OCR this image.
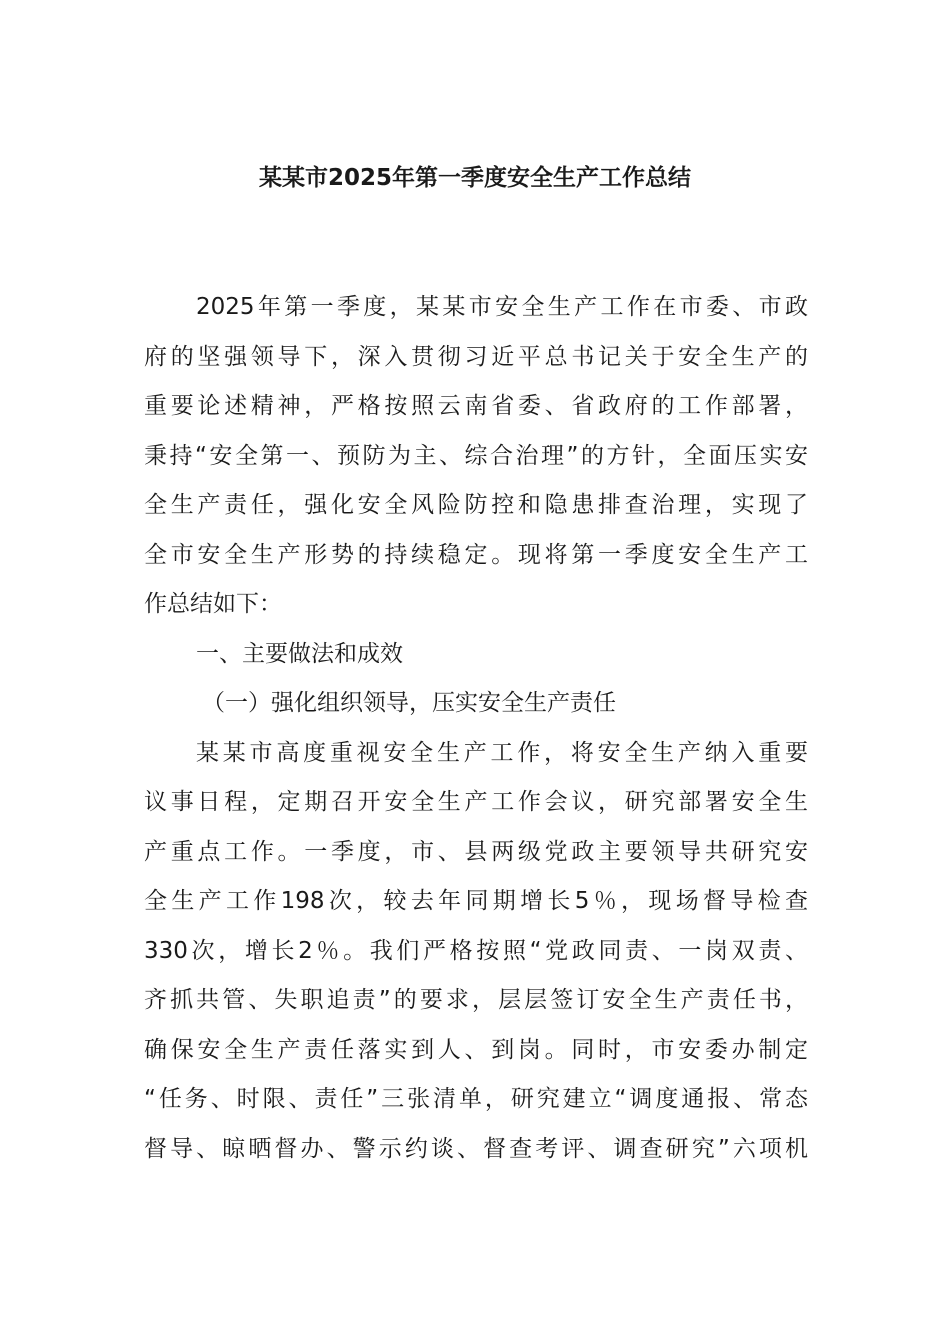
某某市2025年第一季度安全生产工作总结
2025年第一季度，某某市安全生产工作在市委、市政
府的坚强领导下，深入贯彻习近平总书记关于安全生产的
重要论述精神，严格按照云南省委、省政府的工作部署，
秉持“安全第一、预防为主、综合治理”的方针，全面压实安
全生产责任，强化安全风险防控和隐患排查治理，实现了
全市安全生产形势的持续稳定。现将第一季度安全生产工
作总结如下：
一、主要做法和成效
（一）强化组织领导，压实安全生产责任
某某市高度重视安全生产工作，将安全生产纳入重要
议事日程，定期召开安全生产工作会议，研究部署安全生
产重点工作。一季度，市、县两级党政主要领导共研究安
全生产工作198次，较去年同期增长5％，现场督导检查
330次，增长2％。我们严格按照“党政同责、一岗双责、
齐抓共管、失职追责”的要求，层层签订安全生产责任书，
确保安全生产责任落实到人、到岗。同时，市安委办制定
“任务、时限、责任”三张清单，研究建立“调度通报、常态
督导、晾晒督办、警示约谈、督查考评、调查研究”六项机
